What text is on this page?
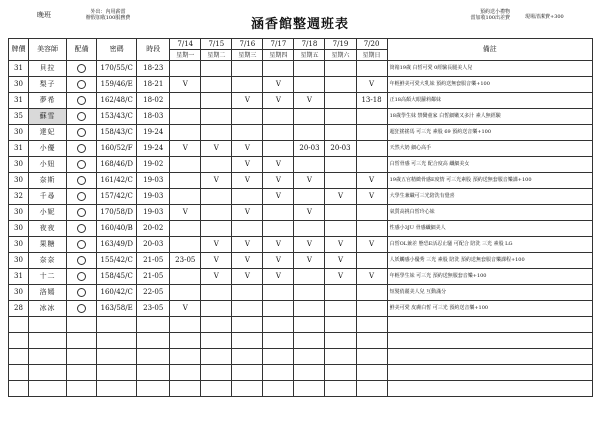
晚班	外出：內用薪當
辦假加收100服務費	涵香館整週班表
預約送小禮物
當加收100出差費	現場清潔費+300
牌價	美容師	配備	密碼	時段	7/14	7/15	7/16	7/17	7/18	7/19	7/20	備註
					星期一	星期二	星期三	星期四	星期五	星期六	星期日	
31	貝拉		170/55/C	18-23								筒箱19歲 白皙可愛 0經驗長腿美人兒
30	梨子		159/46/E	18-21	V			V			V	年輕鮮美可愛大乳妹 預約送無套服音樂+100
31	夢希		162/48/C	18-02			V	V	V		13-18	正18高顏大眼蘿莉鄰妹
35	蘇雪		153/43/C	18-03								18歲學生妹 禁臠童家 白皙細嫩又多汁 素人無經驗
30	達妃		158/43/C	19-24								超狂搖搖馬 可三光 素股 69 預約送音樂+100
31	小優		160/52/F	19-24	V	V	V		20-03	20-03		天然大奶 細心高手
30	小妞		168/46/D	19-02			V	V				白皙骨感 可三光 配合度高 纖細美女
30	奈斯		161/42/C	19-03		V	V	V	V		V	19歲五官精緻骨感E度情 可三光素股 預約送無套服音樂課+100
32	千尋		157/42/C	19-03				V		V	V	大學生兼職可三光陪洗有覺喜
30	小妮		170/58/D	19-03	V		V		V			氣質高挑白皙玲心妹
30	夜夜		160/40/B	20-02								性感小3JU 骨感纖細美人
30	果糖		163/49/D	20-03		V	V	V	V	V	V	白皙OL兼差 態恐E活忍止騷 可配合 陪洗 三光 素股 LG
30	奈奈		155/42/C	21-05	23-05	V	V	V	V	V		人妖觸感小優秀 三光 素股 陪洗 預約送無套服音樂課程+100
31	十二		158/45/C	21-05		V	V	V		V	V	年輕學生妹 可三光 預約送無服套音樂+100
30	洛嫣		160/42/C	22-05								短髮俏麗美人兒 互動滿分
28	冰冰		163/58/E	23-05	V							鮮美可愛 皮膚白皙 可三光 預約送音樂+100
